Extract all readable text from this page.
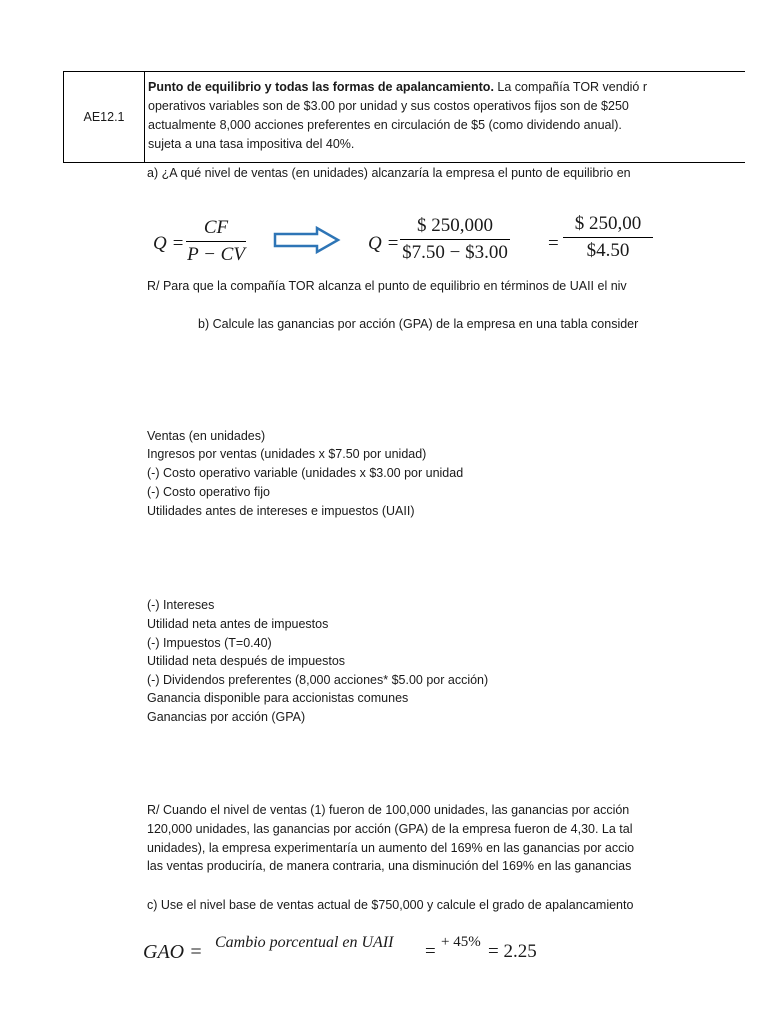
AE12.1
Punto de equilibrio y todas las formas de apalancamiento. La compañía TOR vendió r
operativos variables son de $3.00 por unidad y sus costos operativos fijos son de $250
actualmente 8,000 acciones preferentes en circulación de $5 (como dividendo anual).
sujeta a una tasa impositiva del 40%.
a) ¿A qué nivel de ventas (en unidades) alcanzaría la empresa el punto de equilibrio en
Q =
CF
P − CV
Q =
$ 250,000
$7.50 − $3.00 =
$ 250,00
$4.50
R/ Para que la compañía TOR alcanza el punto de equilibrio en términos de UAII el niv
b) Calcule las ganancias por acción (GPA) de la empresa en una tabla consider
Ventas (en unidades)
Ingresos por ventas (unidades x $7.50 por unidad)
(-) Costo operativo variable (unidades x $3.00 por unidad
(-) Costo operativo fijo
Utilidades antes de intereses e impuestos (UAII)
(-) Intereses
Utilidad neta antes de impuestos
(-) Impuestos (T=0.40)
Utilidad neta después de impuestos
(-) Dividendos preferentes (8,000 acciones* $5.00 por acción)
Ganancia disponible para accionistas comunes
Ganancias por acción (GPA)
R/ Cuando el nivel de ventas (1) fueron de 100,000 unidades, las ganancias por acción
120,000 unidades, las ganancias por acción (GPA) de la empresa fueron de 4,30. La tal
unidades), la empresa experimentaría un aumento del 169% en las ganancias por accio
las ventas produciría, de manera contraria, una disminución del 169% en las ganancias
c) Use el nivel base de ventas actual de $750,000 y calcule el grado de apalancamiento
GAO = Cambio porcentual en UAII = + 45% = 2.25
